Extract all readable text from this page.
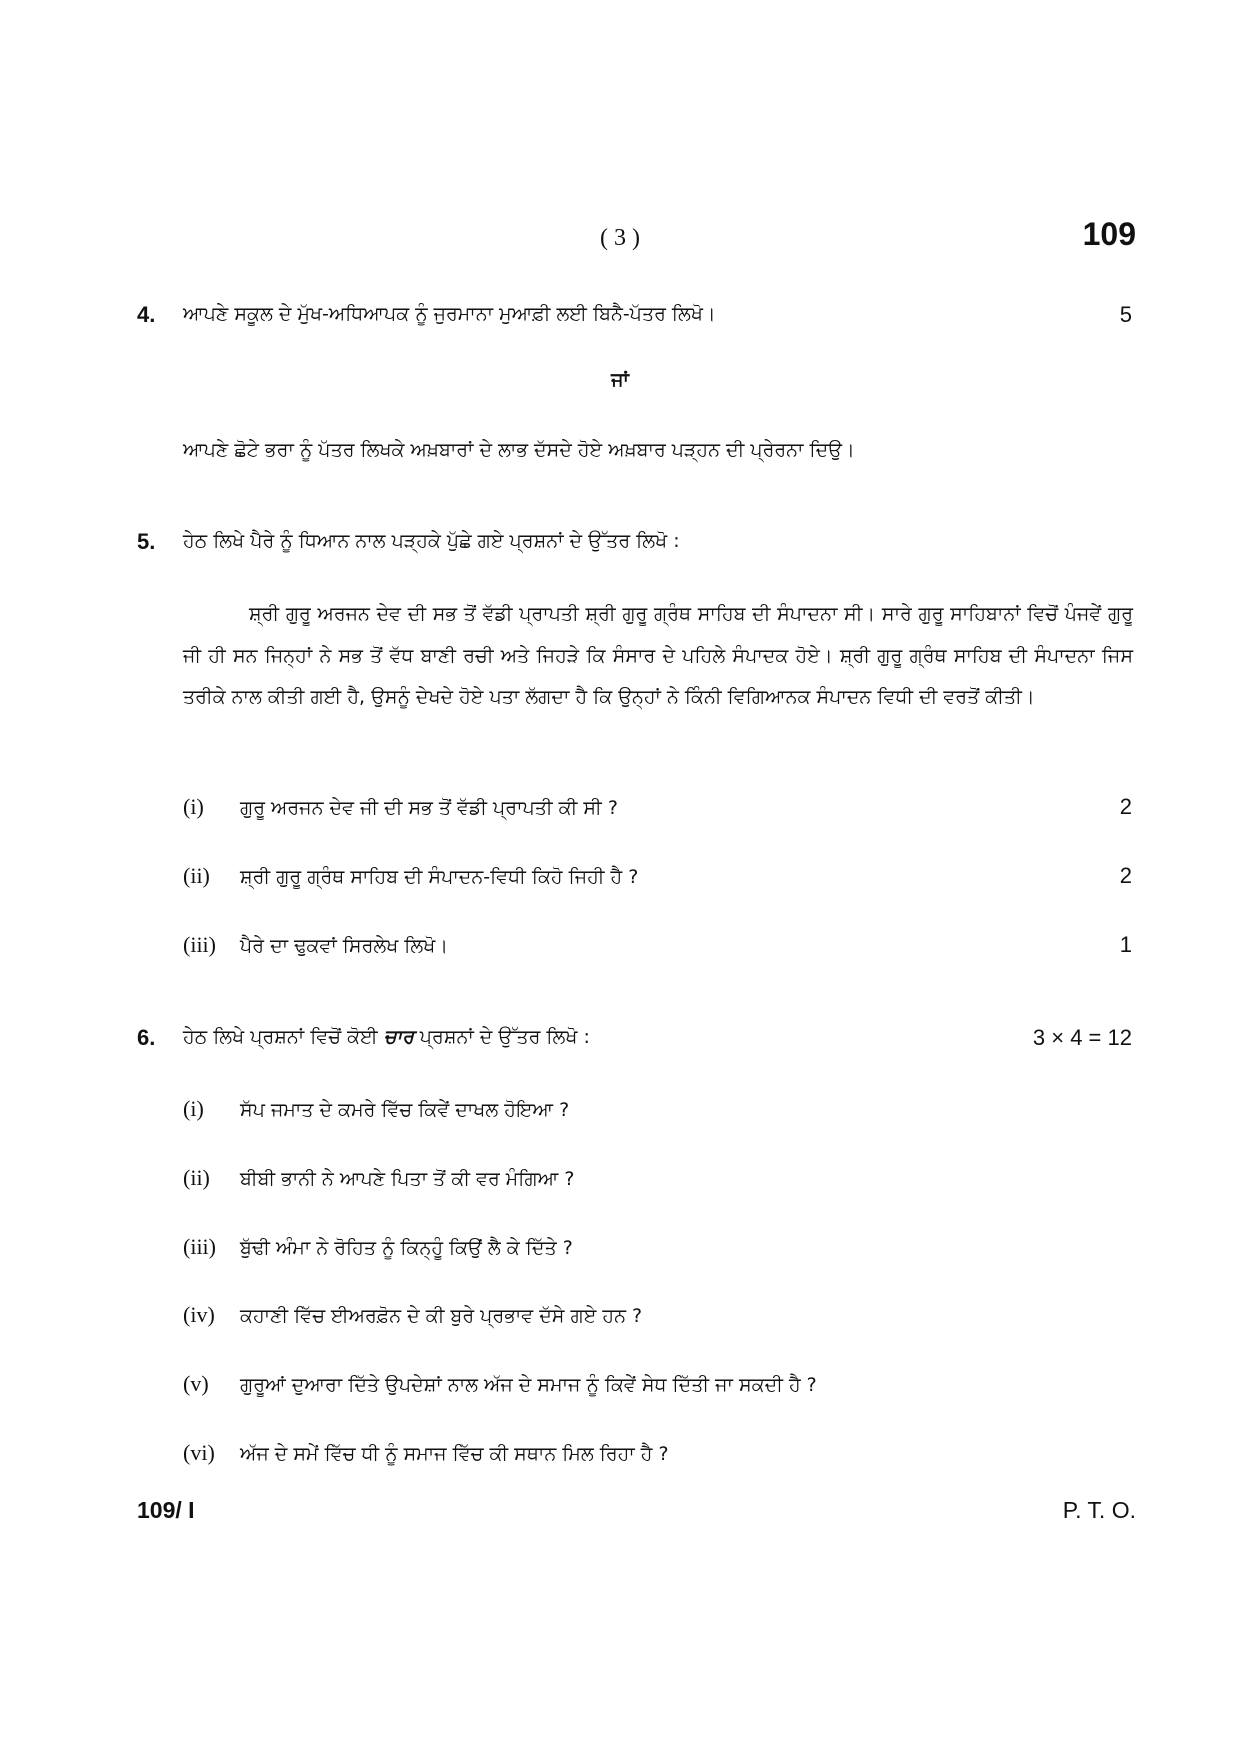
( 3 )	109
4. ਆਪਣੇ ਸਕੂਲ ਦੇ ਮੁੱਖ-ਅਧਿਆਪਕ ਨੂੰ ਜੁਰਮਾਨਾ ਮੁਆਫ਼ੀ ਲਈ ਬਿਨੈ-ਪੱਤਰ ਲਿਖੋ।	5
ਜਾਂ
ਆਪਣੇ ਛੋਟੇ ਭਰਾ ਨੂੰ ਪੱਤਰ ਲਿਖਕੇ ਅਖ਼ਬਾਰਾਂ ਦੇ ਲਾਭ ਦੱਸਦੇ ਹੋਏ ਅਖ਼ਬਾਰ ਪੜ੍ਹਨ ਦੀ ਪ੍ਰੇਰਨਾ ਦਿਉ।
5. ਹੇਠ ਲਿਖੇ ਪੈਰੇ ਨੂੰ ਧਿਆਨ ਨਾਲ ਪੜ੍ਹਕੇ ਪੁੱਛੇ ਗਏ ਪ੍ਰਸ਼ਨਾਂ ਦੇ ਉੱਤਰ ਲਿਖੋ :
ਸ਼੍ਰੀ ਗੁਰੂ ਅਰਜਨ ਦੇਵ ਦੀ ਸਭ ਤੋਂ ਵੱਡੀ ਪ੍ਰਾਪਤੀ ਸ਼੍ਰੀ ਗੁਰੂ ਗ੍ਰੰਥ ਸਾਹਿਬ ਦੀ ਸੰਪਾਦਨਾ ਸੀ। ਸਾਰੇ ਗੁਰੂ ਸਾਹਿਬਾਨਾਂ ਵਿਚੋਂ ਪੰਜਵੇਂ ਗੁਰੂ ਜੀ ਹੀ ਸਨ ਜਿਨ੍ਹਾਂ ਨੇ ਸਭ ਤੋਂ ਵੱਧ ਬਾਣੀ ਰਚੀ ਅਤੇ ਜਿਹੜੇ ਕਿ ਸੰਸਾਰ ਦੇ ਪਹਿਲੇ ਸੰਪਾਦਕ ਹੋਏ। ਸ਼੍ਰੀ ਗੁਰੂ ਗ੍ਰੰਥ ਸਾਹਿਬ ਦੀ ਸੰਪਾਦਨਾ ਜਿਸ ਤਰੀਕੇ ਨਾਲ ਕੀਤੀ ਗਈ ਹੈ, ਉਸਨੂੰ ਦੇਖਦੇ ਹੋਏ ਪਤਾ ਲੱਗਦਾ ਹੈ ਕਿ ਉਨ੍ਹਾਂ ਨੇ ਕਿੰਨੀ ਵਿਗਿਆਨਕ ਸੰਪਾਦਨ ਵਿਧੀ ਦੀ ਵਰਤੋਂ ਕੀਤੀ।
(i) ਗੁਰੂ ਅਰਜਨ ਦੇਵ ਜੀ ਦੀ ਸਭ ਤੋਂ ਵੱਡੀ ਪ੍ਰਾਪਤੀ ਕੀ ਸੀ ?	2
(ii) ਸ਼੍ਰੀ ਗੁਰੂ ਗ੍ਰੰਥ ਸਾਹਿਬ ਦੀ ਸੰਪਾਦਨ-ਵਿਧੀ ਕਿਹੋ ਜਿਹੀ ਹੈ ?	2
(iii) ਪੈਰੇ ਦਾ ਢੁਕਵਾਂ ਸਿਰਲੇਖ ਲਿਖੋ।	1
6. ਹੇਠ ਲਿਖੇ ਪ੍ਰਸ਼ਨਾਂ ਵਿਚੋਂ ਕੋਈ ਚਾਰ ਪ੍ਰਸ਼ਨਾਂ ਦੇ ਉੱਤਰ ਲਿਖੋ :	3 × 4 = 12
(i) ਸੱਪ ਜਮਾਤ ਦੇ ਕਮਰੇ ਵਿੱਚ ਕਿਵੇਂ ਦਾਖਲ ਹੋਇਆ ?
(ii) ਬੀਬੀ ਭਾਨੀ ਨੇ ਆਪਣੇ ਪਿਤਾ ਤੋਂ ਕੀ ਵਰ ਮੰਗਿਆ ?
(iii) ਬੁੱਢੀ ਅੰਮਾ ਨੇ ਰੋਹਿਤ ਨੂੰ ਕਿਨ੍ਹੂੰ ਕਿਉਂ ਲੈ ਕੇ ਦਿੱਤੇ ?
(iv) ਕਹਾਣੀ ਵਿੱਚ ਈਅਰਫ਼ੋਨ ਦੇ ਕੀ ਬੁਰੇ ਪ੍ਰਭਾਵ ਦੱਸੇ ਗਏ ਹਨ ?
(v) ਗੁਰੂਆਂ ਦੁਆਰਾ ਦਿੱਤੇ ਉਪਦੇਸ਼ਾਂ ਨਾਲ ਅੱਜ ਦੇ ਸਮਾਜ ਨੂੰ ਕਿਵੇਂ ਸੇਧ ਦਿੱਤੀ ਜਾ ਸਕਦੀ ਹੈ ?
(vi) ਅੱਜ ਦੇ ਸਮੇਂ ਵਿੱਚ ਧੀ ਨੂੰ ਸਮਾਜ ਵਿੱਚ ਕੀ ਸਥਾਨ ਮਿਲ ਰਿਹਾ ਹੈ ?
109/ I	P. T. O.
